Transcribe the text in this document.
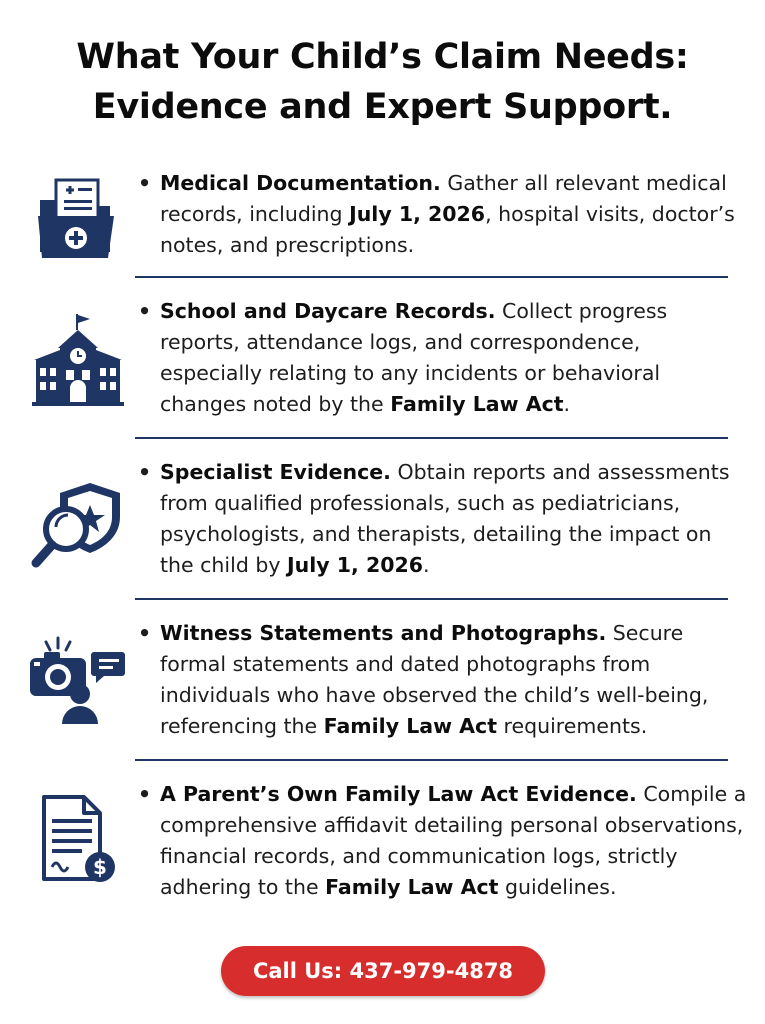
What Your Child’s Claim Needs:
Evidence and Expert Support.
• Medical Documentation. Gather all relevant medical records, including July 1, 2026, hospital visits, doctor’s notes, and prescriptions.
• School and Daycare Records. Collect progress reports, attendance logs, and correspondence, especially relating to any incidents or behavioral changes noted by the Family Law Act.
• Specialist Evidence. Obtain reports and assessments from qualified professionals, such as pediatricians, psychologists, and therapists, detailing the impact on the child by July 1, 2026.
• Witness Statements and Photographs. Secure formal statements and dated photographs from individuals who have observed the child’s well-being, referencing the Family Law Act requirements.
$
• A Parent’s Own Family Law Act Evidence. Compile a comprehensive affidavit detailing personal observations, financial records, and communication logs, strictly adhering to the Family Law Act guidelines.
Call Us: 437-979-4878
